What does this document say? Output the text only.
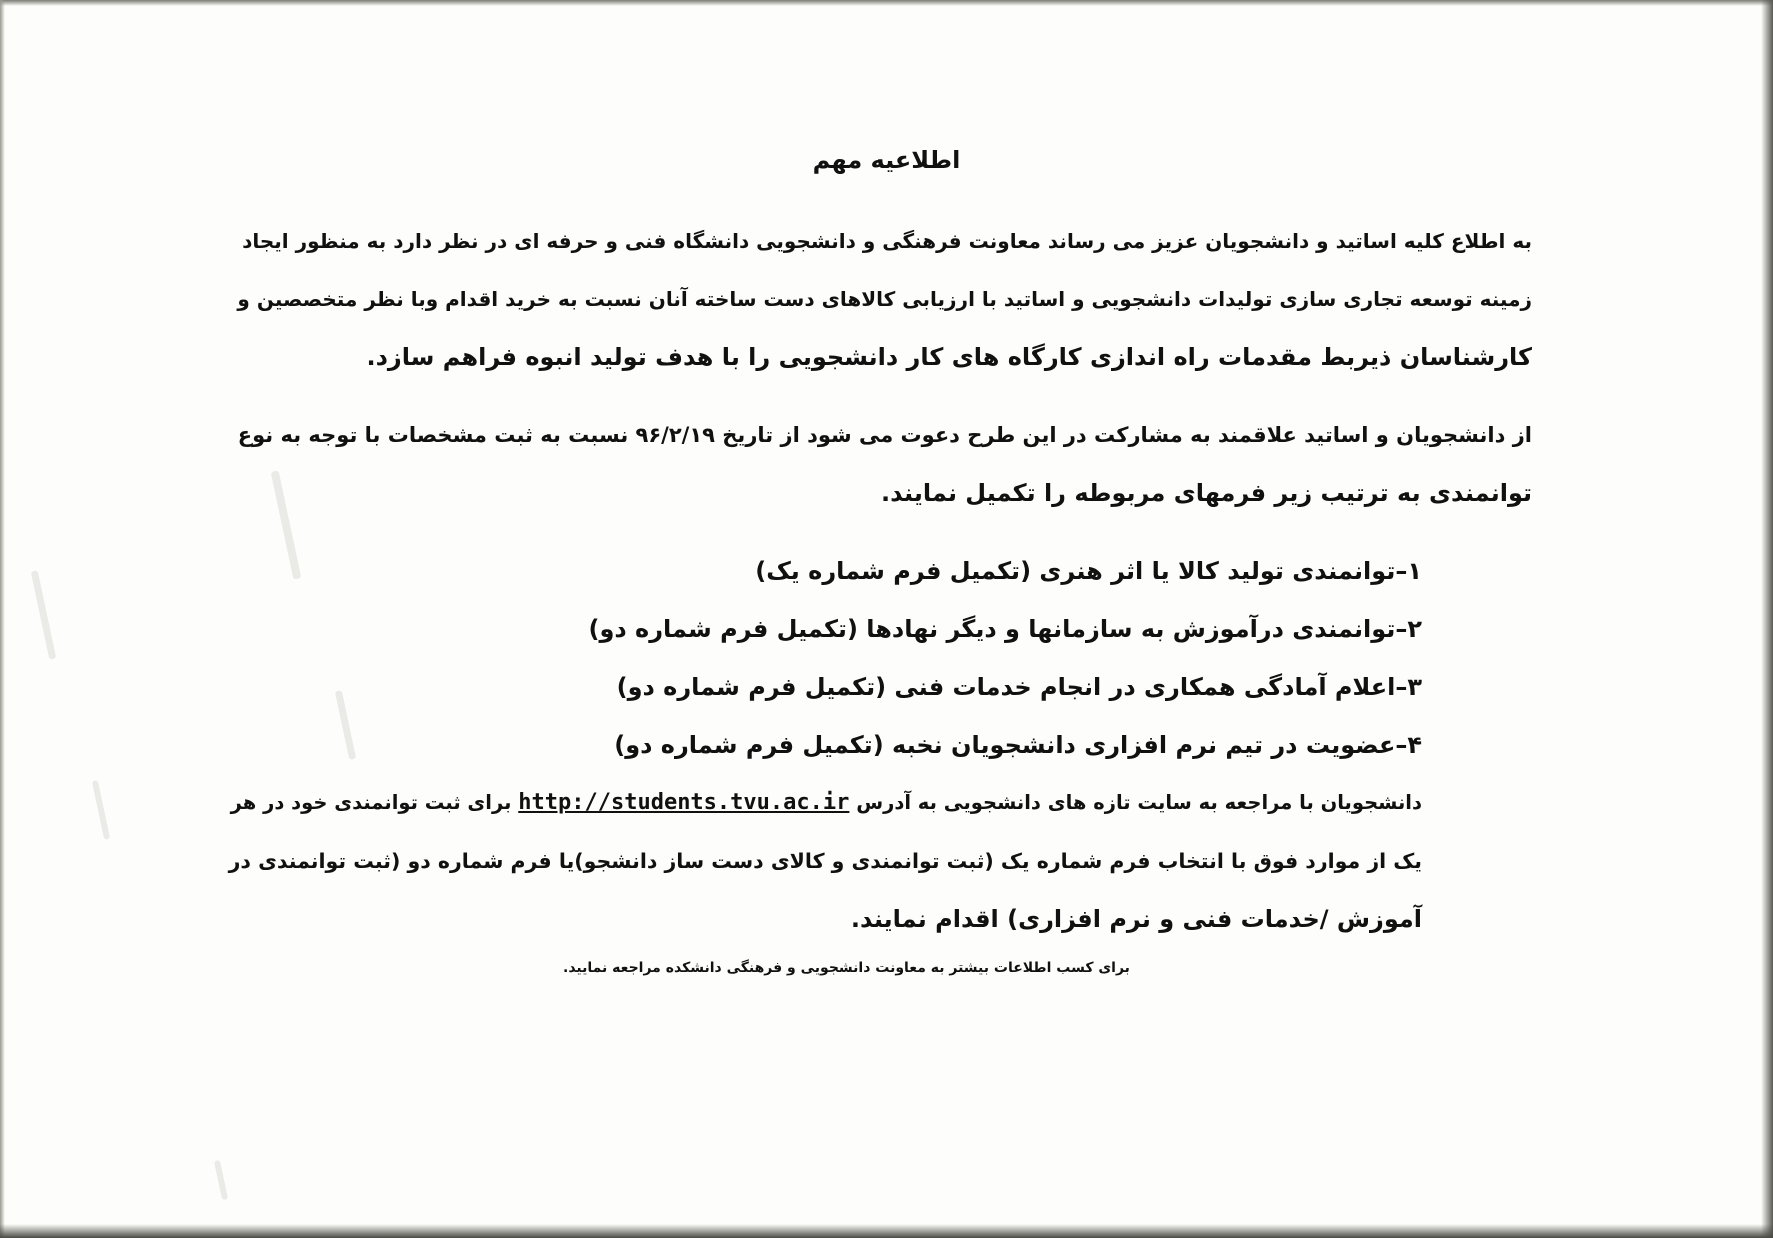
اطلاعیه مهم
به اطلاع کلیه اساتید و دانشجویان عزیز می رساند معاونت فرهنگی و دانشجویی دانشگاه فنی و حرفه ای در نظر دارد به منظور ایجاد
زمینه توسعه تجاری سازی تولیدات دانشجویی و اساتید با ارزیابی کالاهای دست ساخته آنان نسبت به خرید اقدام وبا نظر متخصصین و
کارشناسان ذیربط مقدمات راه اندازی کارگاه های کار دانشجویی را با هدف تولید انبوه فراهم سازد.
از دانشجویان و اساتید علاقمند به مشارکت در این طرح دعوت می شود از تاریخ ۹۶/۲/۱۹ نسبت به ثبت مشخصات با توجه به نوع
توانمندی به ترتیب زیر فرمهای مربوطه را تکمیل نمایند.
۱–توانمندی تولید کالا یا اثر هنری (تکمیل فرم شماره یک)
۲–توانمندی درآموزش به سازمانها و دیگر نهادها (تکمیل فرم شماره دو)
۳–اعلام آمادگی همکاری در انجام خدمات فنی (تکمیل فرم شماره دو)
۴–عضویت در تیم نرم افزاری دانشجویان نخبه (تکمیل فرم شماره دو)
دانشجویان با مراجعه به سایت تازه های دانشجویی به آدرس http://students.tvu.ac.ir برای ثبت توانمندی خود در هر
یک از موارد فوق با انتخاب فرم شماره یک (ثبت توانمندی و کالای دست ساز دانشجو)یا فرم شماره دو (ثبت توانمندی در
آموزش /خدمات فنی و نرم افزاری) اقدام نمایند.
برای کسب اطلاعات بیشتر به معاونت دانشجویی و فرهنگی دانشکده مراجعه نمایید.
